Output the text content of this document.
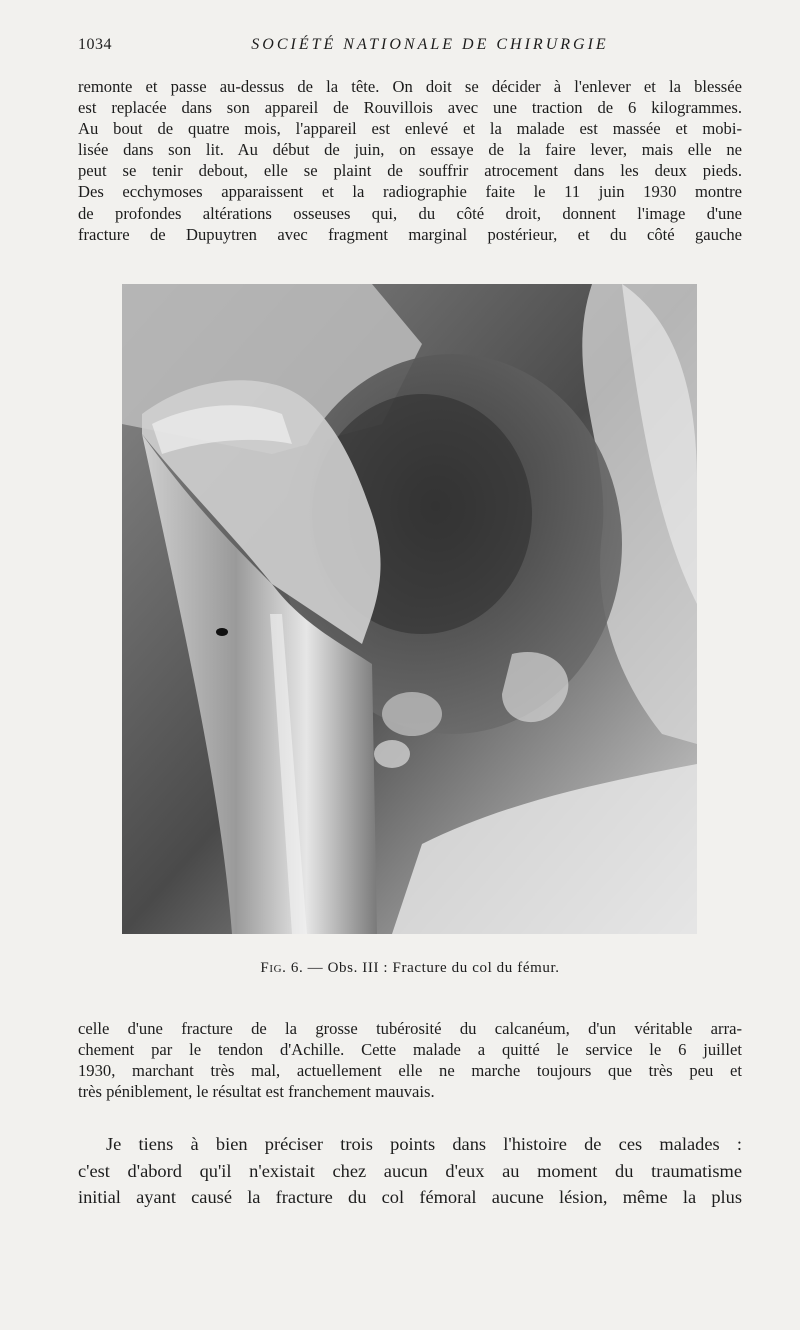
1034	SOCIÉTÉ NATIONALE DE CHIRURGIE
remonte et passe au-dessus de la tête. On doit se décider à l'enlever et la blessée
est replacée dans son appareil de Rouvillois avec une traction de 6 kilogrammes.
Au bout de quatre mois, l'appareil est enlevé et la malade est massée et mobi-
lisée dans son lit. Au début de juin, on essaye de la faire lever, mais elle ne
peut se tenir debout, elle se plaint de souffrir atrocement dans les deux pieds.
Des ecchymoses apparaissent et la radiographie faite le 11 juin 1930 montre
de profondes altérations osseuses qui, du côté droit, donnent l'image d'une
fracture de Dupuytren avec fragment marginal postérieur, et du côté gauche
Fig. 6. — Obs. III : Fracture du col du fémur.
celle d'une fracture de la grosse tubérosité du calcanéum, d'un véritable arra-
chement par le tendon d'Achille. Cette malade a quitté le service le 6 juillet
1930, marchant très mal, actuellement elle ne marche toujours que très peu et
très péniblement, le résultat est franchement mauvais.
Je tiens à bien préciser trois points dans l'histoire de ces malades :
c'est d'abord qu'il n'existait chez aucun d'eux au moment du traumatisme
initial ayant causé la fracture du col fémoral aucune lésion, même la plus
